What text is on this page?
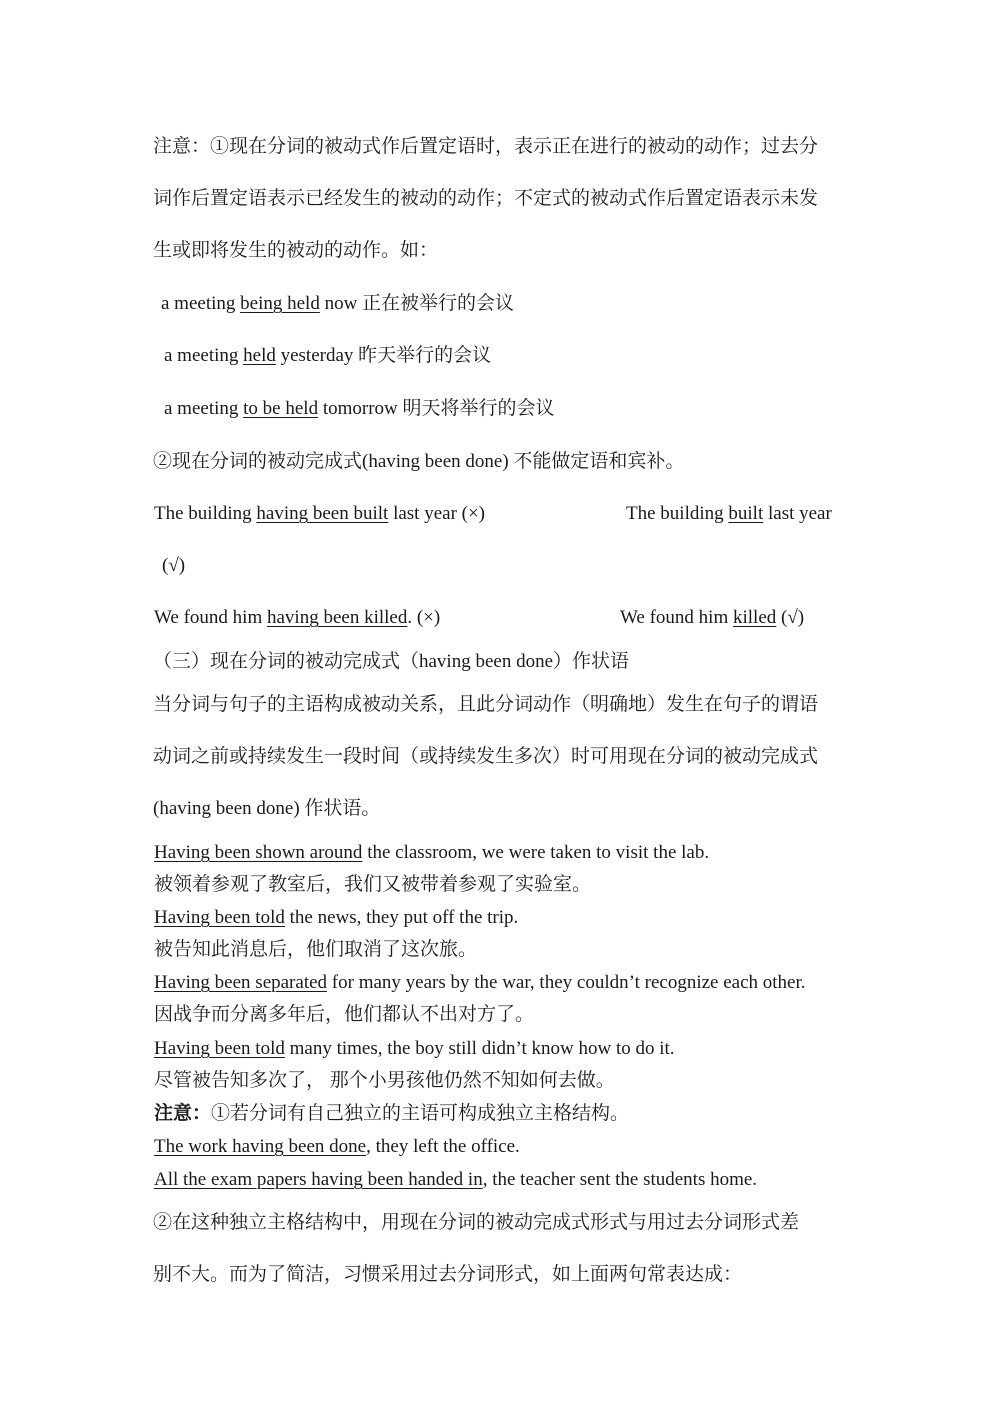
注意：①现在分词的被动式作后置定语时，表示正在进行的被动的动作；过去分
词作后置定语表示已经发生的被动的动作；不定式的被动式作后置定语表示未发
生或即将发生的被动的动作。如：
a meeting being held now 正在被举行的会议
a meeting held yesterday 昨天举行的会议
a meeting to be held tomorrow 明天将举行的会议
②现在分词的被动完成式(having been done) 不能做定语和宾补。
The building having been built last year (×)	The building built last year
(√)
We found him having been killed. (×)	We found him killed (√)
（三）现在分词的被动完成式（having been done）作状语
当分词与句子的主语构成被动关系，且此分词动作（明确地）发生在句子的谓语
动词之前或持续发生一段时间（或持续发生多次）时可用现在分词的被动完成式
(having been done) 作状语。
Having been shown around the classroom, we were taken to visit the lab.
被领着参观了教室后，我们又被带着参观了实验室。
Having been told the news, they put off the trip.
被告知此消息后，他们取消了这次旅。
Having been separated for many years by the war, they couldn’t recognize each other.
因战争而分离多年后，他们都认不出对方了。
Having been told many times, the boy still didn’t know how to do it.
尽管被告知多次了， 那个小男孩他仍然不知如何去做。
注意：①若分词有自己独立的主语可构成独立主格结构。
The work having been done, they left the office.
All the exam papers having been handed in, the teacher sent the students home.
②在这种独立主格结构中，用现在分词的被动完成式形式与用过去分词形式差
别不大。而为了简洁，习惯采用过去分词形式，如上面两句常表达成：
